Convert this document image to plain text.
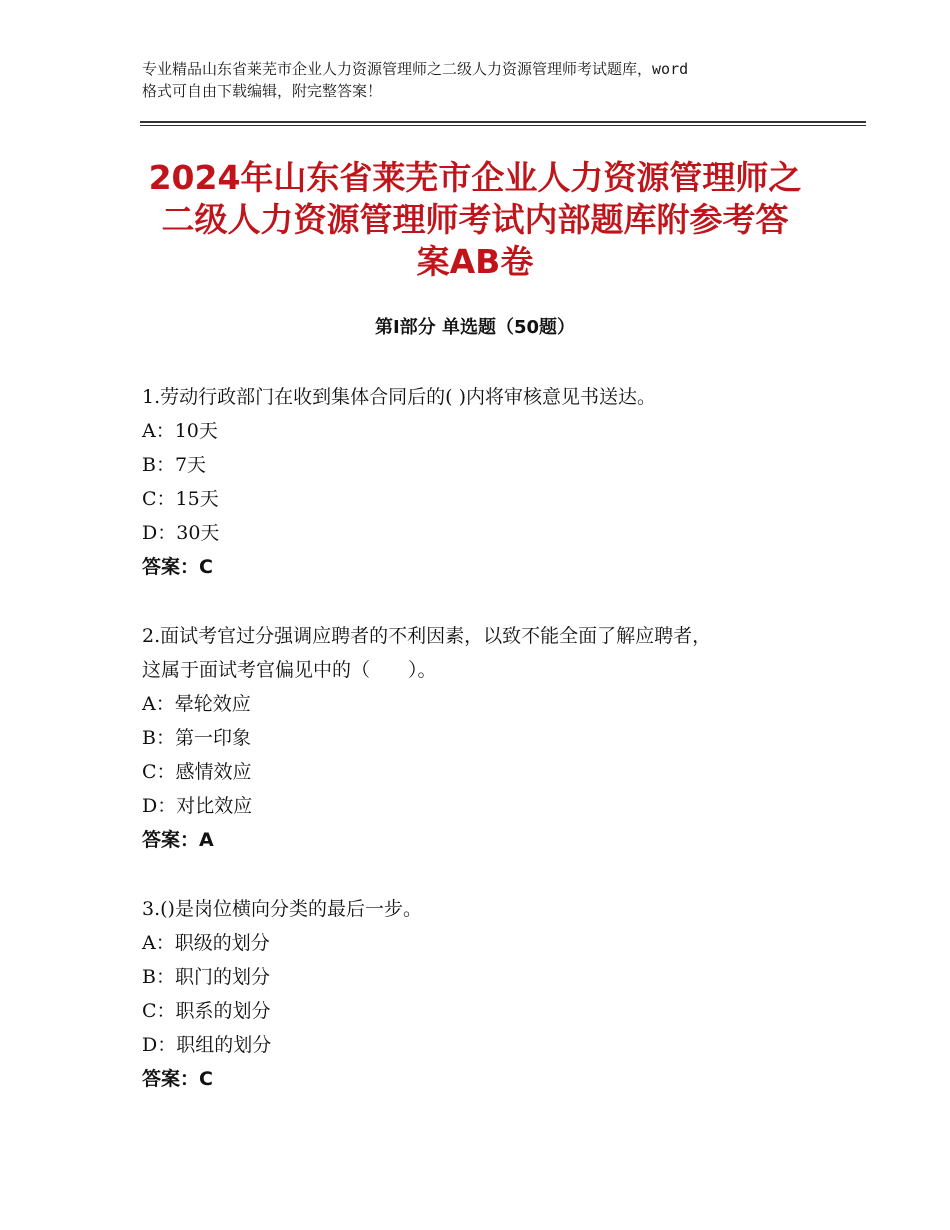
专业精品山东省莱芜市企业人力资源管理师之二级人力资源管理师考试题库，word
格式可自由下载编辑，附完整答案！
2024年山东省莱芜市企业人力资源管理师之
二级人力资源管理师考试内部题库附参考答
案AB卷
第Ⅰ部分 单选题（50题）
1.劳动行政部门在收到集体合同后的( )内将审核意见书送达。
A：10天
B：7天
C：15天
D：30天
答案：C
2.面试考官过分强调应聘者的不利因素，以致不能全面了解应聘者，
这属于面试考官偏见中的（　　）。
A：晕轮效应
B：第一印象
C：感情效应
D：对比效应
答案：A
3.()是岗位横向分类的最后一步。
A：职级的划分
B：职门的划分
C：职系的划分
D：职组的划分
答案：C
